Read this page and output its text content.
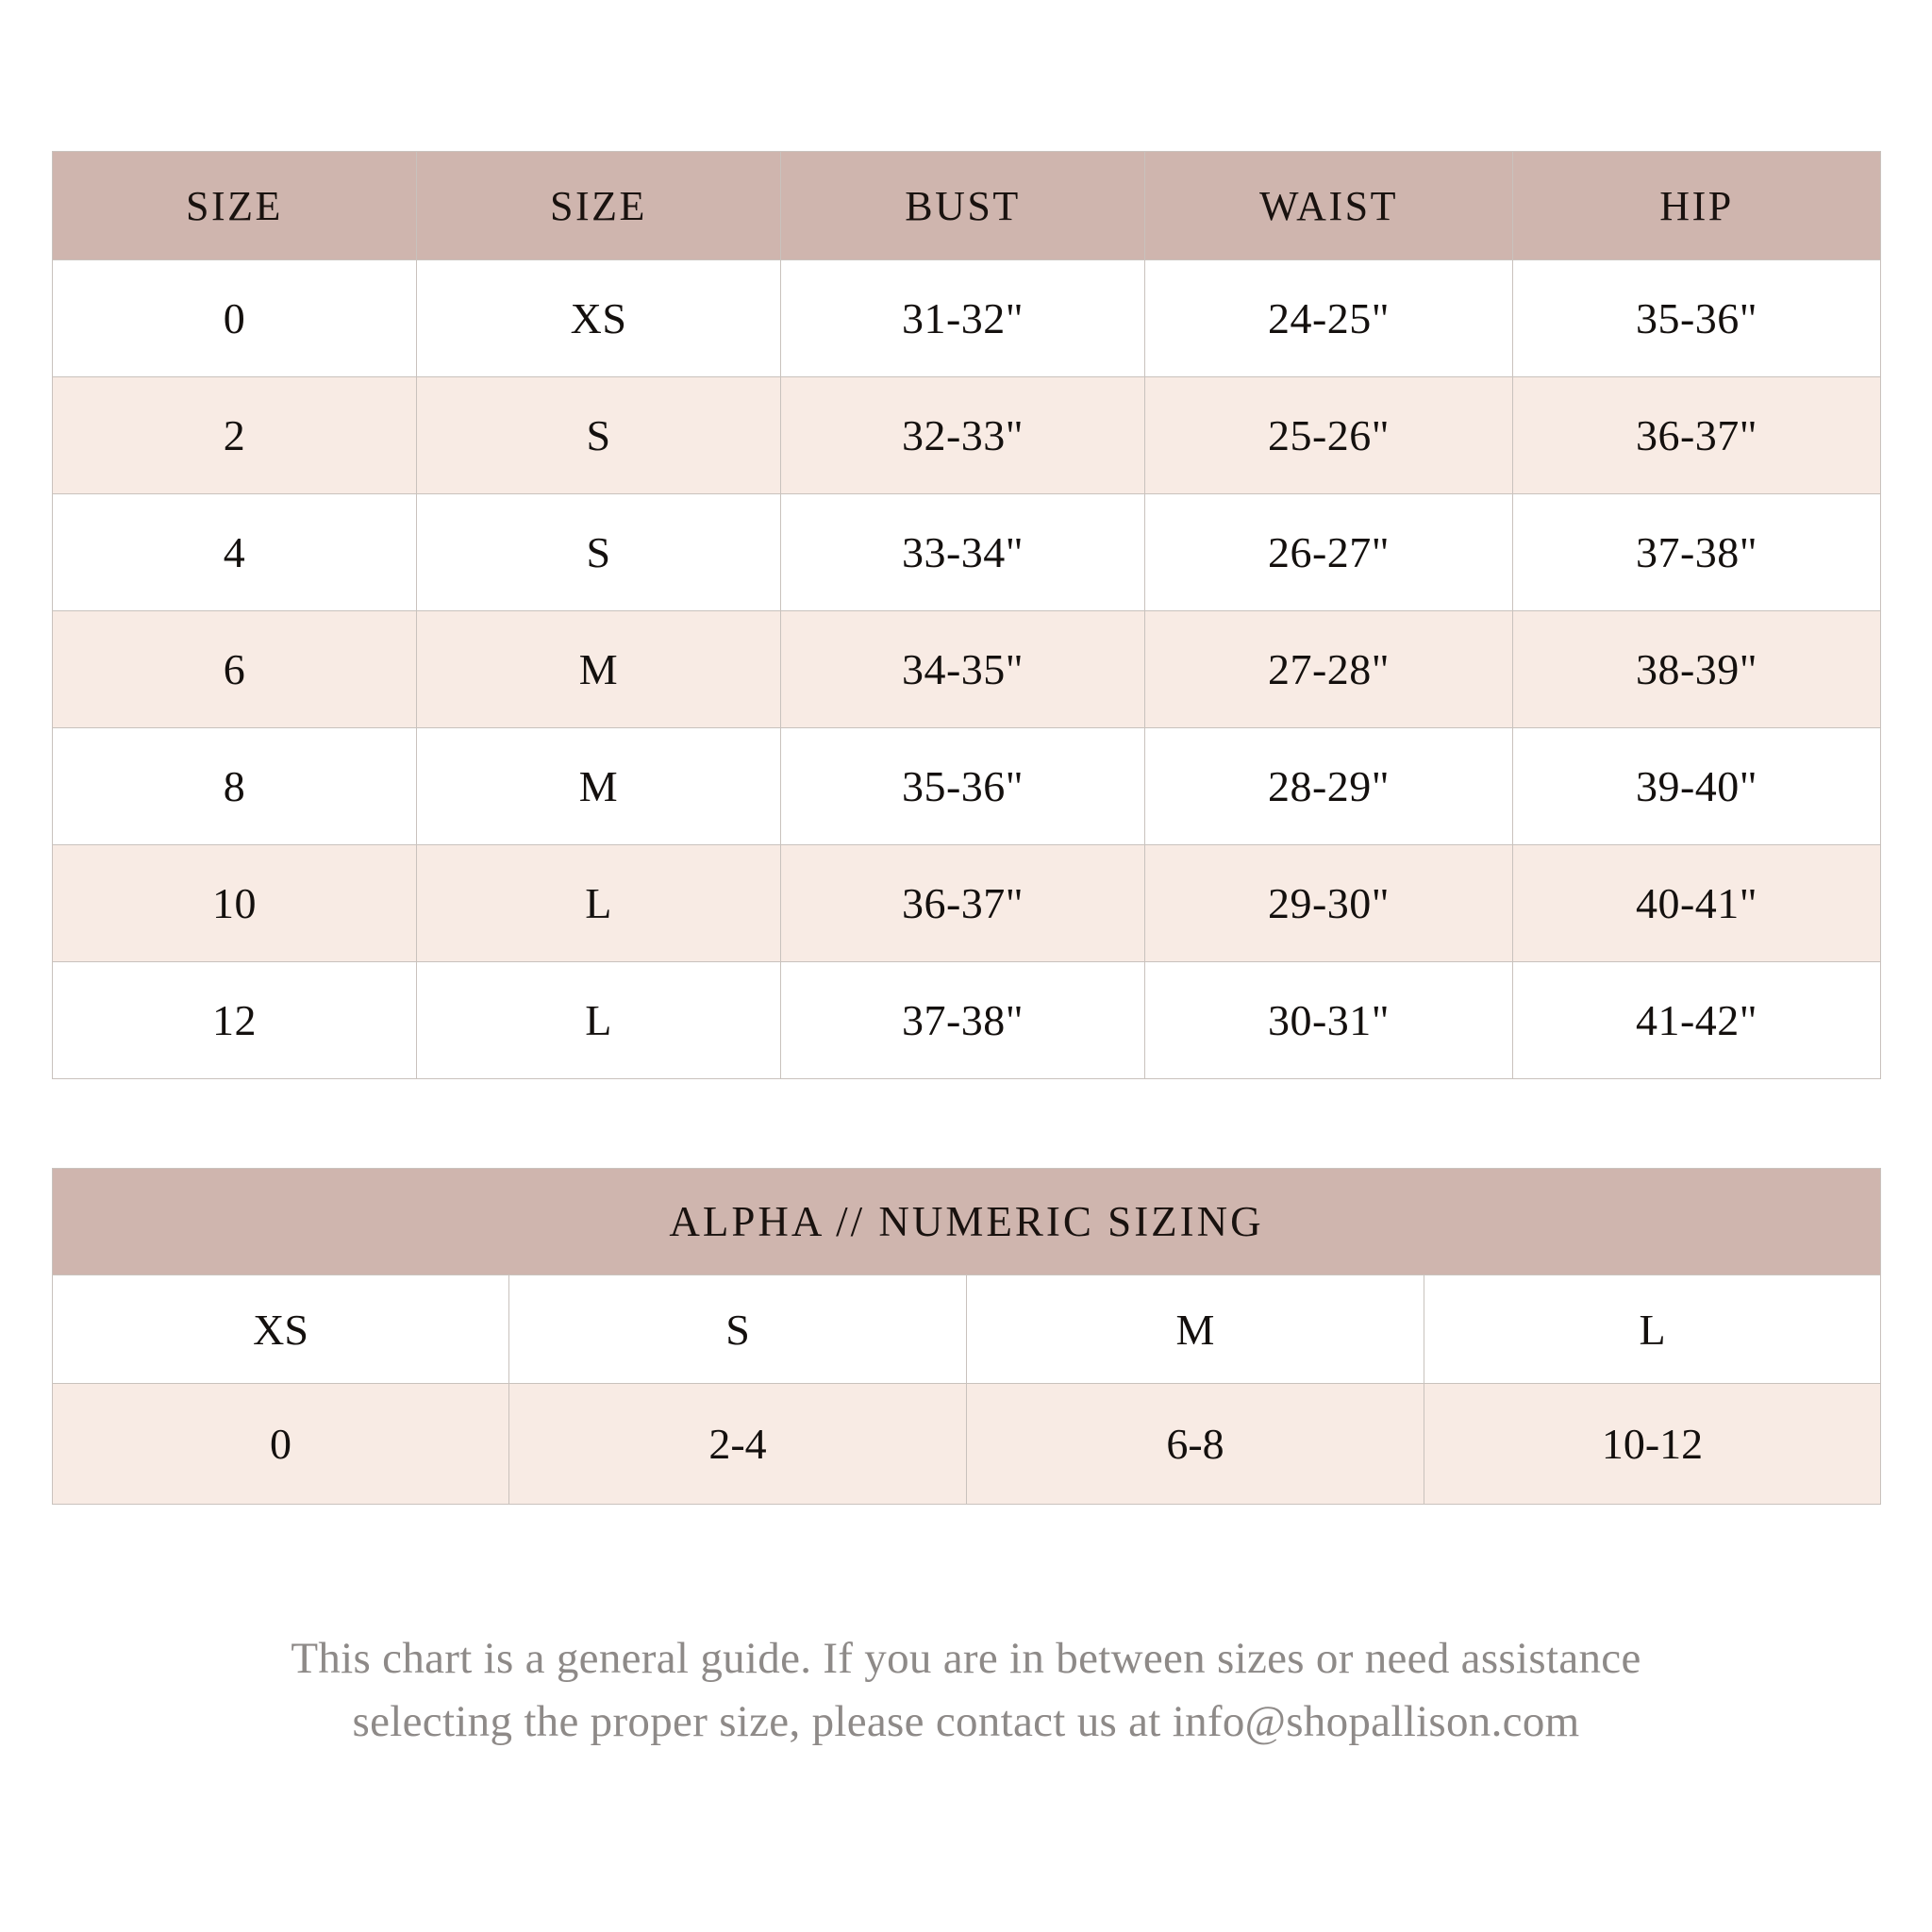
SIZE	SIZE	BUST	WAIST	HIP
0	XS	31-32"	24-25"	35-36"
2	S	32-33"	25-26"	36-37"
4	S	33-34"	26-27"	37-38"
6	M	34-35"	27-28"	38-39"
8	M	35-36"	28-29"	39-40"
10	L	36-37"	29-30"	40-41"
12	L	37-38"	30-31"	41-42"
ALPHA // NUMERIC SIZING			
XS	S	M	L
0	2-4	6-8	10-12
This chart is a general guide. If you are in between sizes or need assistance
selecting the proper size, please contact us at info@shopallison.com
